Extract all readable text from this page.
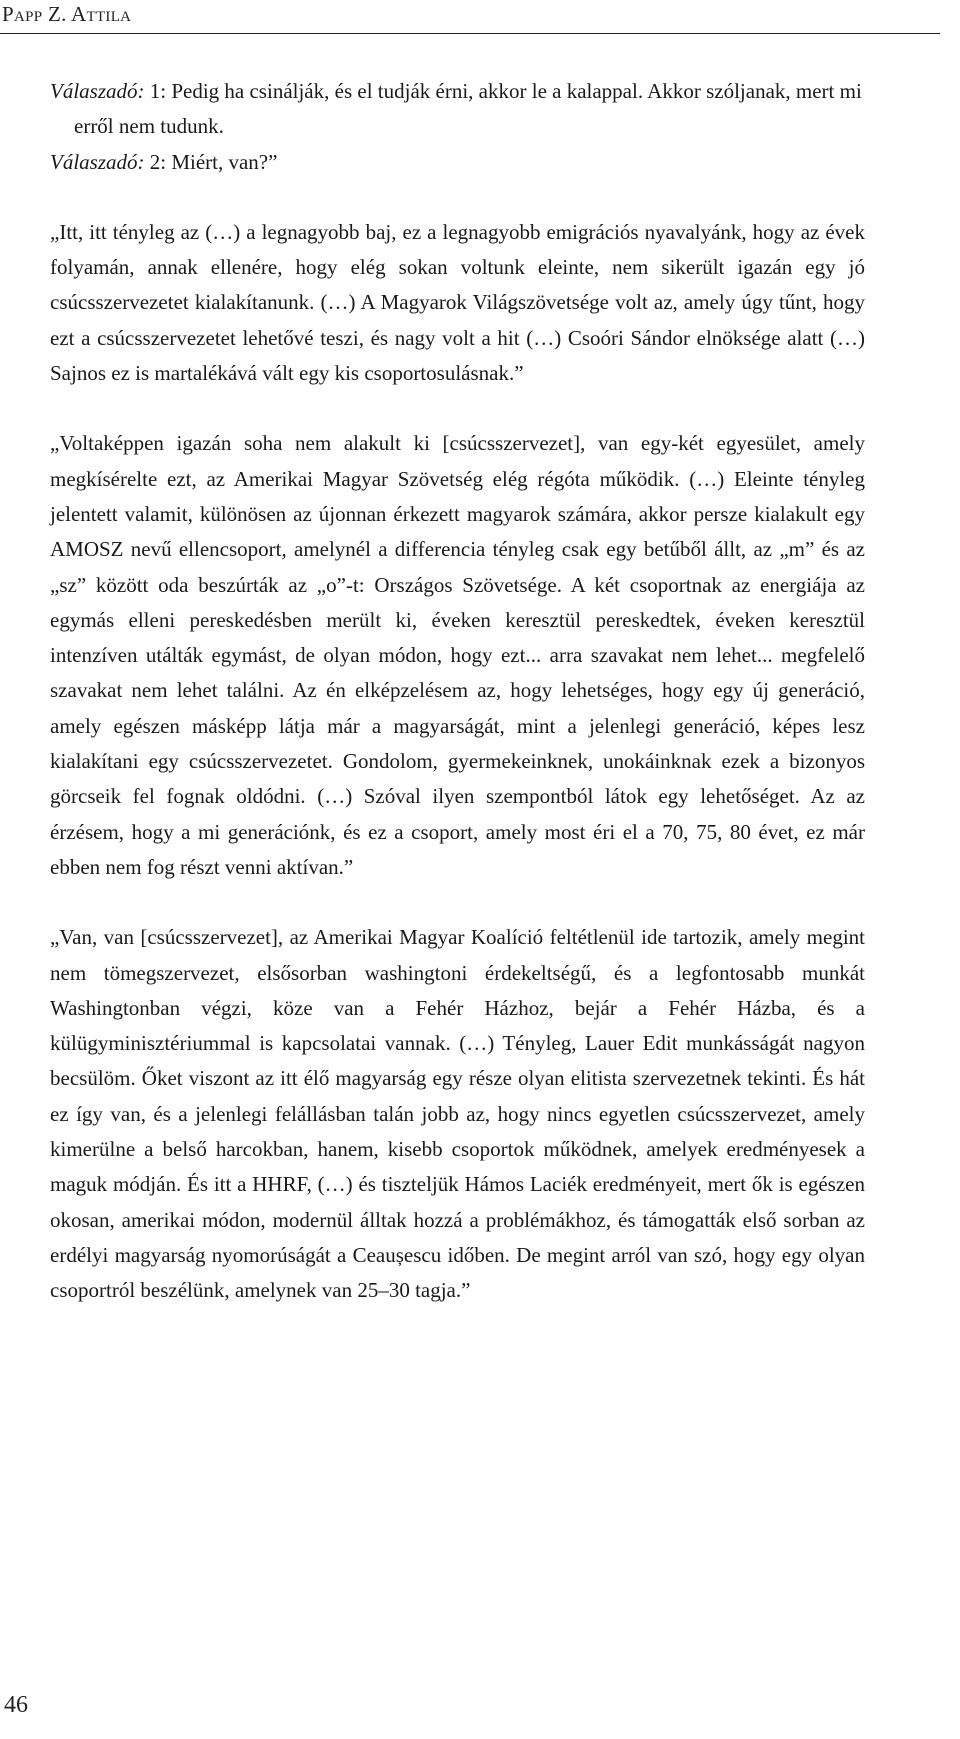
Papp Z. Attila
Válaszadó: 1: Pedig ha csinálják, és el tudják érni, akkor le a kalappal. Akkor szóljanak, mert mi erről nem tudunk.
Válaszadó: 2: Miért, van?”

„Itt, itt tényleg az (…) a legnagyobb baj, ez a legnagyobb emigrációs nyavalyánk, hogy az évek folyamán, annak ellenére, hogy elég sokan voltunk eleinte, nem sikerült igazán egy jó csúcsszervezetet kialakítanunk. (…) A Magyarok Világszövetsége volt az, amely úgy tűnt, hogy ezt a csúcsszervezetet lehetővé teszi, és nagy volt a hit (…) Csoóri Sándor elnöksége alatt (…) Sajnos ez is martalékává vált egy kis csoportosulásnak.”

„Voltaképpen igazán soha nem alakult ki [csúcsszervezet], van egy-két egyesület, amely megkísérelte ezt, az Amerikai Magyar Szövetség elég régóta működik. (…) Eleinte tényleg jelentett valamit, különösen az újonnan érkezett magyarok számára, akkor persze kialakult egy AMOSZ nevű ellencsoport, amelynél a differencia tényleg csak egy betűből állt, az „m” és az „sz” között oda beszúrták az „o”-t: Országos Szövetsége. A két csoportnak az energiája az egymás elleni pereskedésben merült ki, éveken keresztül pereskedtek, éveken keresztül intenzíven utálták egymást, de olyan módon, hogy ezt... arra szavakat nem lehet... megfelelő szavakat nem lehet találni. Az én elképzelésem az, hogy lehetséges, hogy egy új generáció, amely egészen másképp látja már a magyarságát, mint a jelenlegi generáció, képes lesz kialakítani egy csúcsszervezetet. Gondolom, gyermekeinknek, unokáinknak ezek a bizonyos görcseik fel fognak oldódni. (…) Szóval ilyen szempontból látok egy lehetőséget. Az az érzésem, hogy a mi generációnk, és ez a csoport, amely most éri el a 70, 75, 80 évet, ez már ebben nem fog részt venni aktívan.”

„Van, van [csúcsszervezet], az Amerikai Magyar Koalíció feltétlenül ide tartozik, amely megint nem tömegszervezet, elsősorban washingtoni érdekeltségű, és a legfontosabb munkát Washingtonban végzi, köze van a Fehér Házhoz, bejár a Fehér Házba, és a külügyminisztériummal is kapcsolatai vannak. (…) Tényleg, Lauer Edit munkásságát nagyon becsülöm. Őket viszont az itt élő magyarság egy része olyan elitista szervezetnek tekinti. És hát ez így van, és a jelenlegi felállásban talán jobb az, hogy nincs egyetlen csúcsszervezet, amely kimerülne a belső harcokban, hanem, kisebb csoportok működnek, amelyek eredményesek a maguk módján. És itt a HHRF, (…) és tiszteljük Hámos Laciék eredményeit, mert ők is egészen okosan, amerikai módon, modernül álltak hozzá a problémákhoz, és támogatták első sorban az erdélyi magyarság nyomorúságát a Ceaușescu időben. De megint arról van szó, hogy egy olyan csoportról beszélünk, amelynek van 25–30 tagja.”

46
